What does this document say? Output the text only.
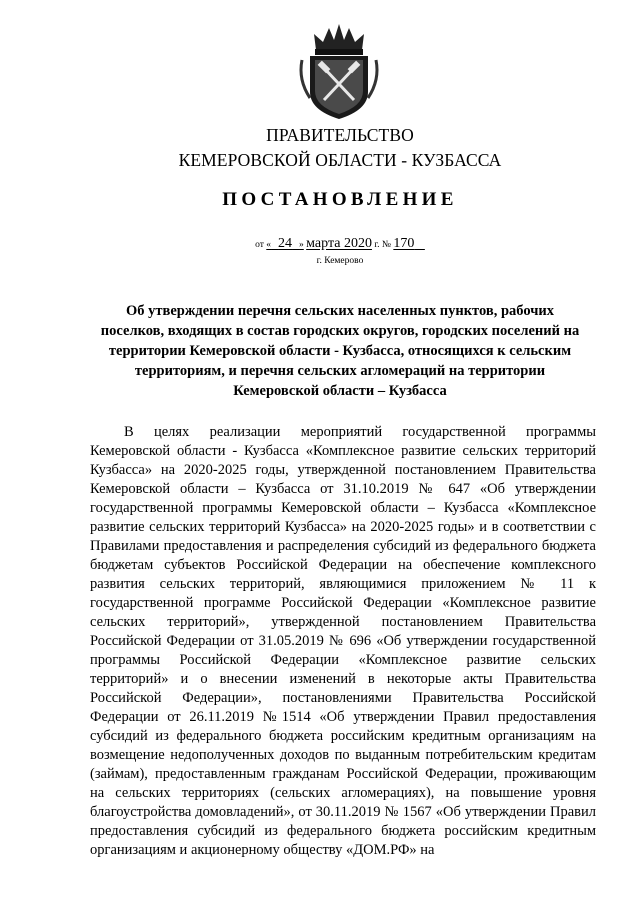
ПРАВИТЕЛЬСТВО
КЕМЕРОВСКОЙ ОБЛАСТИ - КУЗБАССА
ПОСТАНОВЛЕНИЕ
от « 24 » марта 2020 г. № 170
г. Кемерово
Об утверждении перечня сельских населенных пунктов, рабочих поселков, входящих в состав городских округов, городских поселений на территории Кемеровской области - Кузбасса, относящихся к сельским территориям, и перечня сельских агломераций на территории Кемеровской области – Кузбасса
В целях реализации мероприятий государственной программы Кемеровской области - Кузбасса «Комплексное развитие сельских территорий Кузбасса» на 2020-2025 годы, утвержденной постановлением Правительства Кемеровской области – Кузбасса от 31.10.2019 № 647 «Об утверждении государственной программы Кемеровской области – Кузбасса «Комплексное развитие сельских территорий Кузбасса» на 2020-2025 годы» и в соответствии с Правилами предоставления и распределения субсидий из федерального бюджета бюджетам субъектов Российской Федерации на обеспечение комплексного развития сельских территорий, являющимися приложением № 11 к государственной программе Российской Федерации «Комплексное развитие сельских территорий», утвержденной постановлением Правительства Российской Федерации от 31.05.2019 № 696 «Об утверждении государственной программы Российской Федерации «Комплексное развитие сельских территорий» и о внесении изменений в некоторые акты Правительства Российской Федерации», постановлениями Правительства Российской Федерации от 26.11.2019 №1514 «Об утверждении Правил предоставления субсидий из федерального бюджета российским кредитным организациям на возмещение недополученных доходов по выданным потребительским кредитам (займам), предоставленным гражданам Российской Федерации, проживающим на сельских территориях (сельских агломерациях), на повышение уровня благоустройства домовладений», от 30.11.2019 № 1567 «Об утверждении Правил предоставления субсидий из федерального бюджета российским кредитным организациям и акционерному обществу «ДОМ.РФ» на
